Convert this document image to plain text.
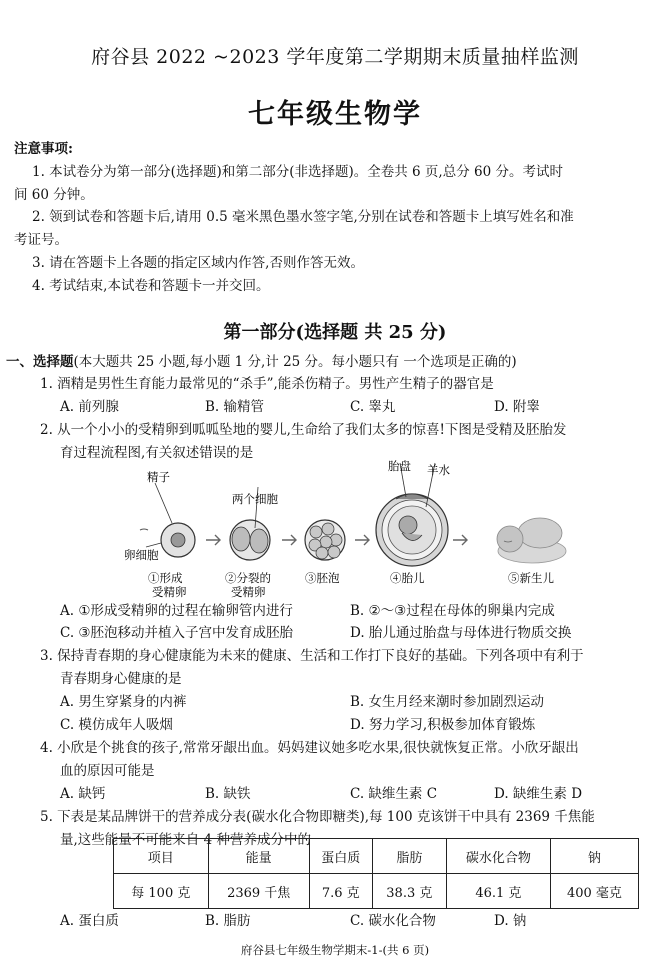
府谷县 2022 ~2023 学年度第二学期期末质量抽样监测
七年级生物学
注意事项:
1. 本试卷分为第一部分(选择题)和第二部分(非选择题)。全卷共 6 页,总分 60 分。考试时
间 60 分钟。
2. 领到试卷和答题卡后,请用 0.5 毫米黑色墨水签字笔,分别在试卷和答题卡上填写姓名和准
考证号。
3. 请在答题卡上各题的指定区域内作答,否则作答无效。
4. 考试结束,本试卷和答题卡一并交回。
第一部分(选择题 共 25 分)
一、选择题(本大题共 25 小题,每小题 1 分,计 25 分。每小题只有 一个选项是正确的)
1. 酒精是男性生育能力最常见的“杀手”,能杀伤精子。男性产生精子的器官是
A. 前列腺	B. 输精管	C. 睾丸	D. 附睾
2. 从一个小小的受精卵到呱呱坠地的婴儿,生命给了我们太多的惊喜!下图是受精及胚胎发
育过程流程图,有关叙述错误的是
精子
卵细胞
两个细胞
胎盘 羊水
①形成
受精卵
②分裂的
受精卵
③胚泡	④胎儿	⑤新生儿
A. ①形成受精卵的过程在输卵管内进行	B. ②～③过程在母体的卵巢内完成
C. ③胚泡移动并植入子宫中发育成胚胎	D. 胎儿通过胎盘与母体进行物质交换
3. 保持青春期的身心健康能为未来的健康、生活和工作打下良好的基础。下列各项中有利于
青春期身心健康的是
A. 男生穿紧身的内裤	B. 女生月经来潮时参加剧烈运动
C. 模仿成年人吸烟	D. 努力学习,积极参加体育锻炼
4. 小欣是个挑食的孩子,常常牙龈出血。妈妈建议她多吃水果,很快就恢复正常。小欣牙龈出
血的原因可能是
A. 缺钙	B. 缺铁	C. 缺维生素 C	D. 缺维生素 D
5. 下表是某品牌饼干的营养成分表(碳水化合物即糖类),每 100 克该饼干中具有 2369 千焦能
量,这些能量不可能来自 4 种营养成分中的
项目	能量	蛋白质	脂肪	碳水化合物	钠
每 100 克	2369 千焦	7.6 克	38.3 克	46.1 克	400 毫克
A. 蛋白质	B. 脂肪	C. 碳水化合物	D. 钠
府谷县七年级生物学期末-1-(共 6 页)
